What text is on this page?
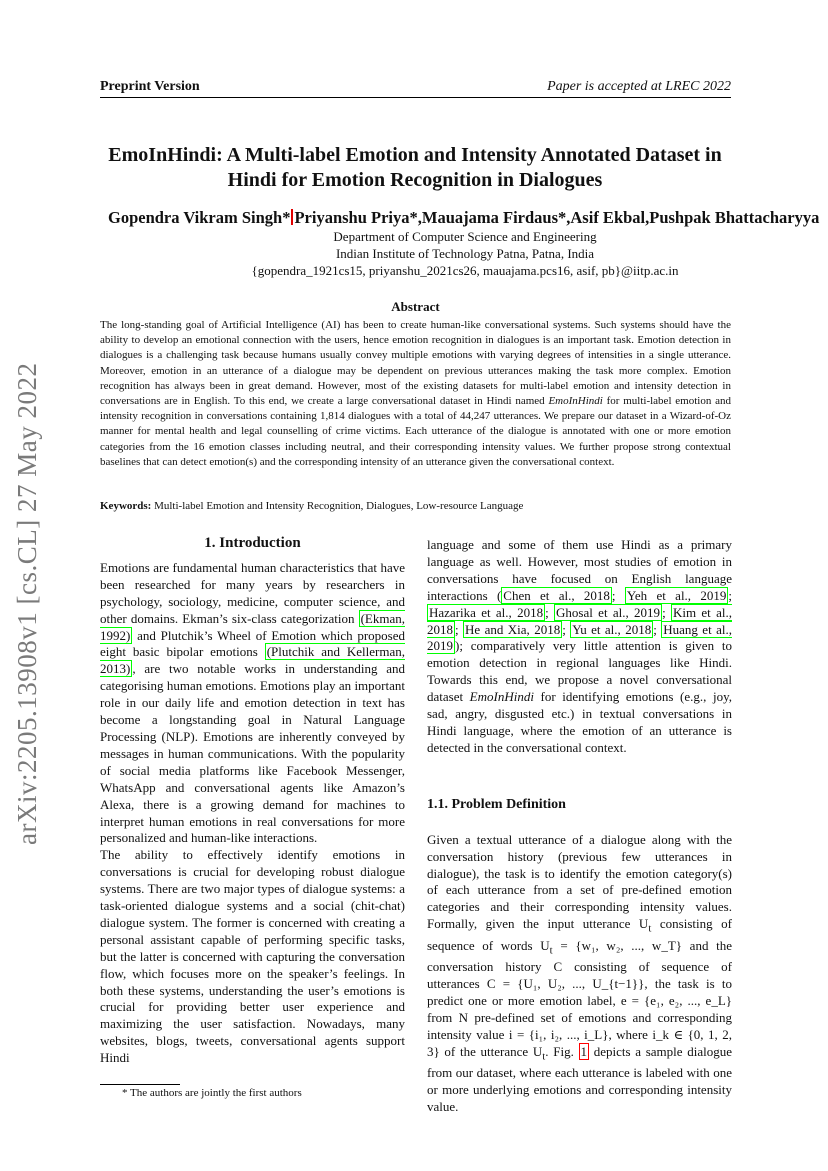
Preprint Version	Paper is accepted at LREC 2022
arXiv:2205.13908v1 [cs.CL] 27 May 2022
EmoInHindi: A Multi-label Emotion and Intensity Annotated Dataset in Hindi for Emotion Recognition in Dialogues
Gopendra Vikram Singh* Priyanshu Priya*,Mauajama Firdaus*,Asif Ekbal,Pushpak Bhattacharyya
Department of Computer Science and Engineering
Indian Institute of Technology Patna, Patna, India
{gopendra_1921cs15, priyanshu_2021cs26, mauajama.pcs16, asif, pb}@iitp.ac.in
Abstract
The long-standing goal of Artificial Intelligence (AI) has been to create human-like conversational systems. Such systems should have the ability to develop an emotional connection with the users, hence emotion recognition in dialogues is an important task. Emotion detection in dialogues is a challenging task because humans usually convey multiple emotions with varying degrees of intensities in a single utterance. Moreover, emotion in an utterance of a dialogue may be dependent on previous utterances making the task more complex. Emotion recognition has always been in great demand. However, most of the existing datasets for multi-label emotion and intensity detection in conversations are in English. To this end, we create a large conversational dataset in Hindi named EmoInHindi for multi-label emotion and intensity recognition in conversations containing 1,814 dialogues with a total of 44,247 utterances. We prepare our dataset in a Wizard-of-Oz manner for mental health and legal counselling of crime victims. Each utterance of the dialogue is annotated with one or more emotion categories from the 16 emotion classes including neutral, and their corresponding intensity values. We further propose strong contextual baselines that can detect emotion(s) and the corresponding intensity of an utterance given the conversational context.
Keywords: Multi-label Emotion and Intensity Recognition, Dialogues, Low-resource Language
1. Introduction

Emotions are fundamental human characteristics that have been researched for many years by researchers in psychology, sociology, medicine, computer science, and other domains. Ekman’s six-class categorization (Ekman, 1992) and Plutchik’s Wheel of Emotion which proposed eight basic bipolar emotions (Plutchik and Kellerman, 2013) , are two notable works in understanding and categorising human emotions. Emotions play an important role in our daily life and emotion detection in text has become a longstanding goal in Natural Language Processing (NLP). Emotions are inherently conveyed by messages in human communications. With the popularity of social media platforms like Facebook Messenger, WhatsApp and conversational agents like Amazon’s Alexa, there is a growing demand for machines to interpret human emotions in real conversations for more personalized and human-like interactions.

The ability to effectively identify emotions in conversations is crucial for developing robust dialogue systems. There are two major types of dialogue systems: a task-oriented dialogue systems and a social (chit-chat) dialogue system. The former is concerned with creating a personal assistant capable of performing specific tasks, but the latter is concerned with capturing the conversation flow, which focuses more on the speaker’s feelings. In both these systems, understanding the user’s emotions is crucial for providing better user experience and maximizing the user satisfaction. Nowadays, many websites, blogs, tweets, conversational agents support Hindi

language and some of them use Hindi as a primary language as well. However, most studies of emotion in conversations have focused on English language interactions ( Chen et al., 2018 ; Yeh et al., 2019 ; Hazarika et al., 2018 ; Ghosal et al., 2019 ; Kim et al., 2018 ; He and Xia, 2018 ; Yu et al., 2018 ; Huang et al., 2019 ); comparatively very little attention is given to emotion detection in regional languages like Hindi. Towards this end, we propose a novel conversational dataset EmoInHindi for identifying emotions (e.g., joy, sad, angry, disgusted etc.) in textual conversations in Hindi language, where the emotion of an utterance is detected in the conversational context.

1.1. Problem Definition

Given a textual utterance of a dialogue along with the conversation history (previous few utterances in dialogue), the task is to identify the emotion category(s) of each utterance from a set of pre-defined emotion categories and their corresponding intensity values. Formally, given the input utterance $U_t$ consisting of sequence of words $U_t = \{w_1$, w₂, ..., w_T} and the conversation history C consisting of sequence of utterances C = {U₁, U₂, ..., U_{t−1}}, the task is to predict one or more emotion label, e = {e₁, e₂, ..., e_L} from N pre-defined set of emotions and corresponding intensity value i = {i₁, i₂, ..., i_L}, where i_k ∈ {0, 1, 2, 3} of the utterance $U_t$. Fig. 1 depicts a sample dialogue from our dataset, where each utterance is labeled with one or more underlying emotions and corresponding intensity value.

* The authors are jointly the first authors
